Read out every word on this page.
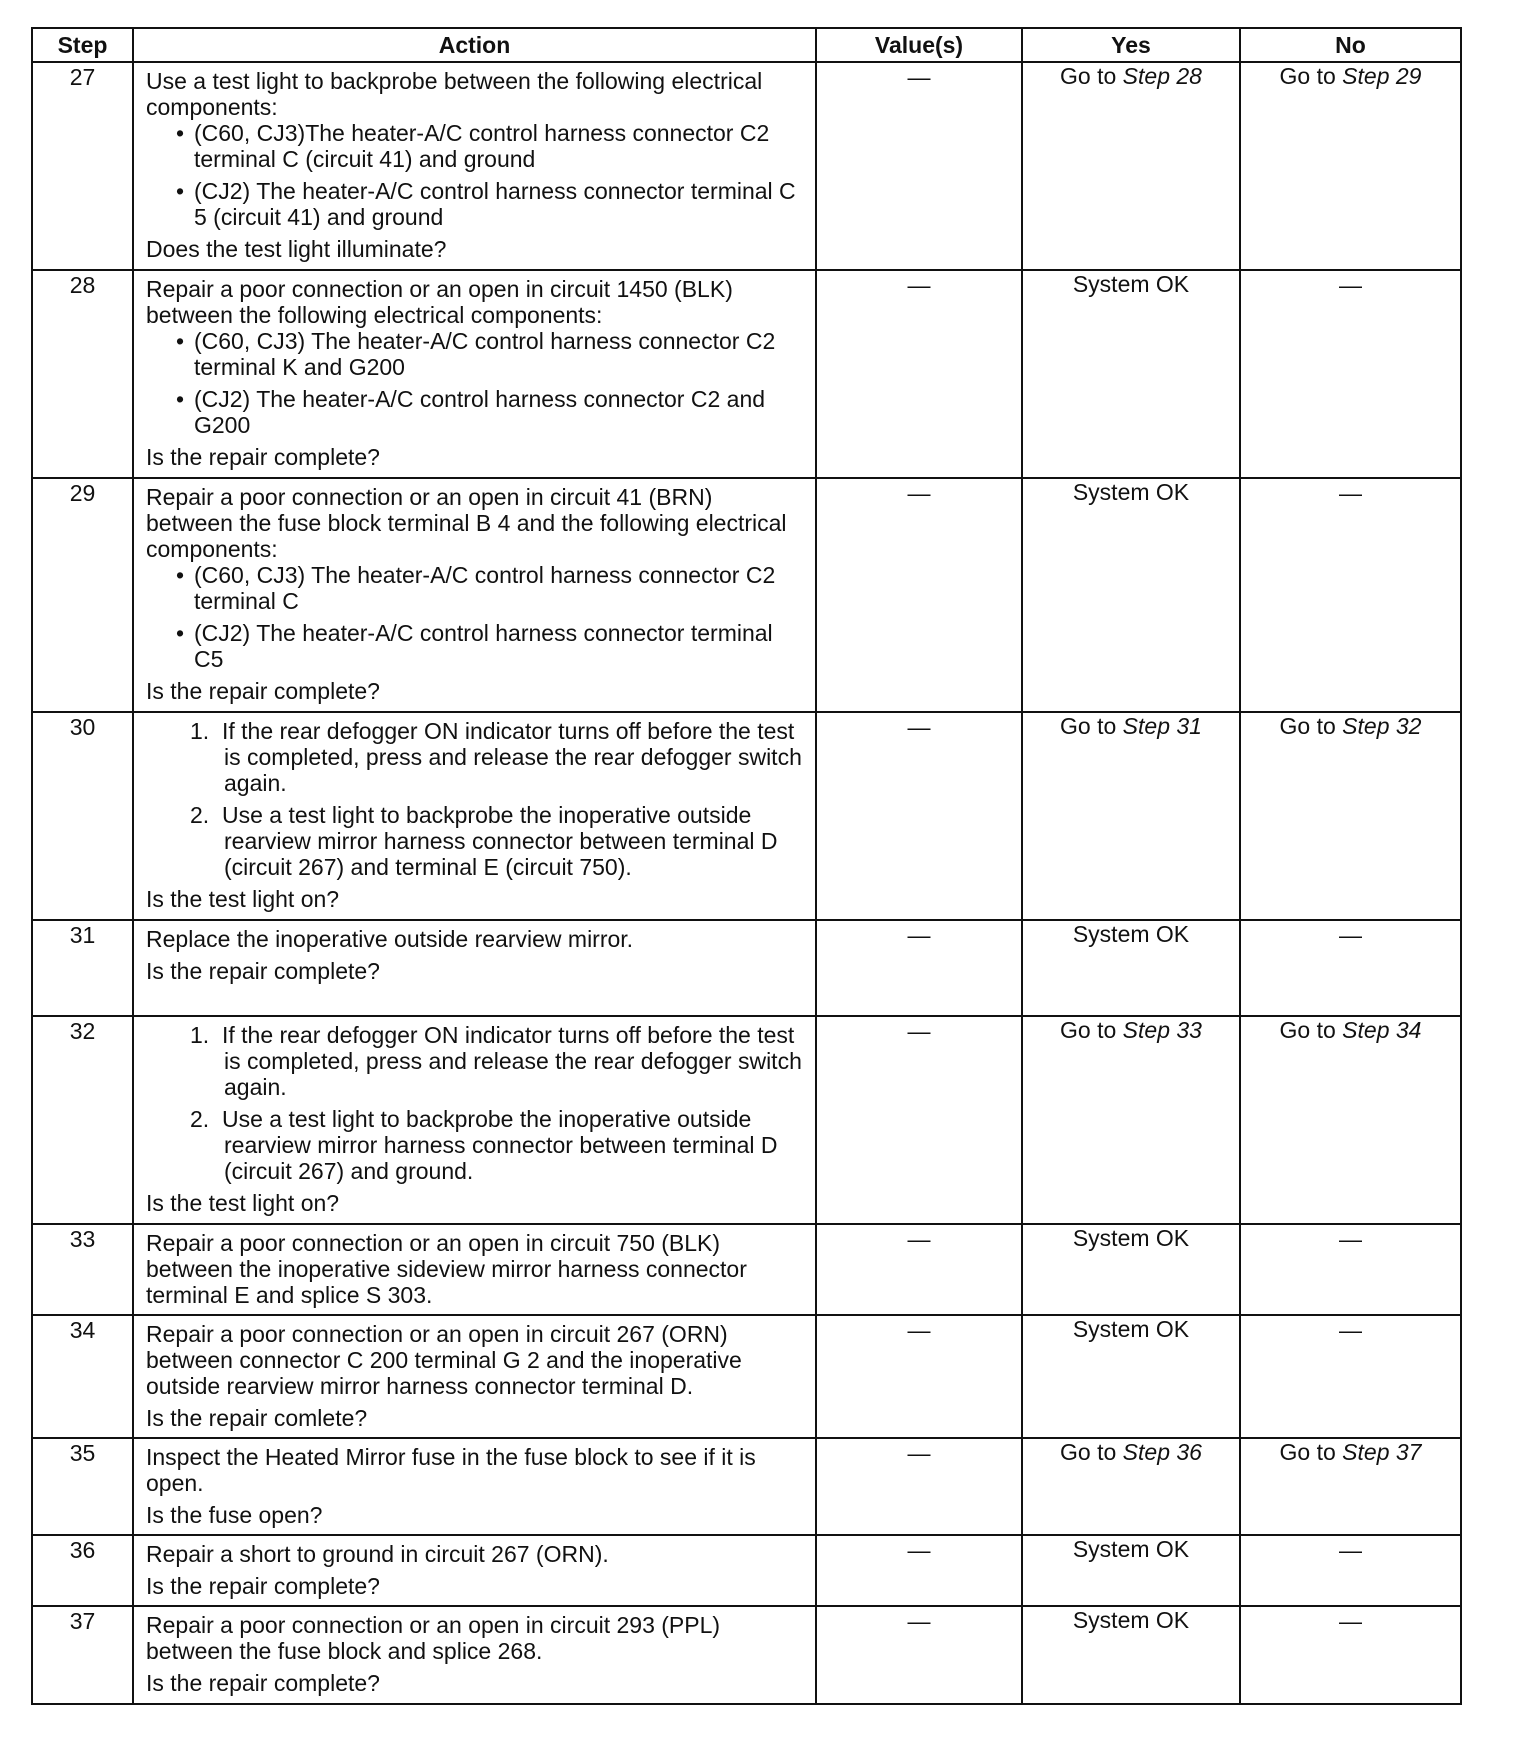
Step	Action	Value(s)	Yes	No
27	Use a test light to backprobe between the following electrical components:
• (C60, CJ3)The heater-A/C control harness connector C2 terminal C (circuit 41) and ground
• (CJ2) The heater-A/C control harness connector terminal C 5 (circuit 41) and ground
Does the test light illuminate?	—	Go to Step 28	Go to Step 29
28	Repair a poor connection or an open in circuit 1450 (BLK) between the following electrical components:
• (C60, CJ3) The heater-A/C control harness connector C2 terminal K and G200
• (CJ2) The heater-A/C control harness connector C2 and G200
Is the repair complete?	—	System OK	—
29	Repair a poor connection or an open in circuit 41 (BRN) between the fuse block terminal B 4 and the following electrical components:
• (C60, CJ3) The heater-A/C control harness connector C2 terminal C
• (CJ2) The heater-A/C control harness connector terminal C5
Is the repair complete?	—	System OK	—
30	1.  If the rear defogger ON indicator turns off before the test is completed, press and release the rear defogger switch again.
2.  Use a test light to backprobe the inoperative outside rearview mirror harness connector between terminal D (circuit 267) and terminal E (circuit 750).
Is the test light on?	—	Go to Step 31	Go to Step 32
31	Replace the inoperative outside rearview mirror.
Is the repair complete?	—	System OK	—
32	1.  If the rear defogger ON indicator turns off before the test is completed, press and release the rear defogger switch again.
2.  Use a test light to backprobe the inoperative outside rearview mirror harness connector between terminal D (circuit 267) and ground.
Is the test light on?	—	Go to Step 33	Go to Step 34
33	Repair a poor connection or an open in circuit 750 (BLK) between the inoperative sideview mirror harness connector terminal E and splice S 303.	—	System OK	—
34	Repair a poor connection or an open in circuit 267 (ORN) between connector C 200 terminal G 2 and the inoperative outside rearview mirror harness connector terminal D.
Is the repair comlete?	—	System OK	—
35	Inspect the Heated Mirror fuse in the fuse block to see if it is open.
Is the fuse open?	—	Go to Step 36	Go to Step 37
36	Repair a short to ground in circuit 267 (ORN).
Is the repair complete?	—	System OK	—
37	Repair a poor connection or an open in circuit 293 (PPL) between the fuse block and splice 268.
Is the repair complete?	—	System OK	—
